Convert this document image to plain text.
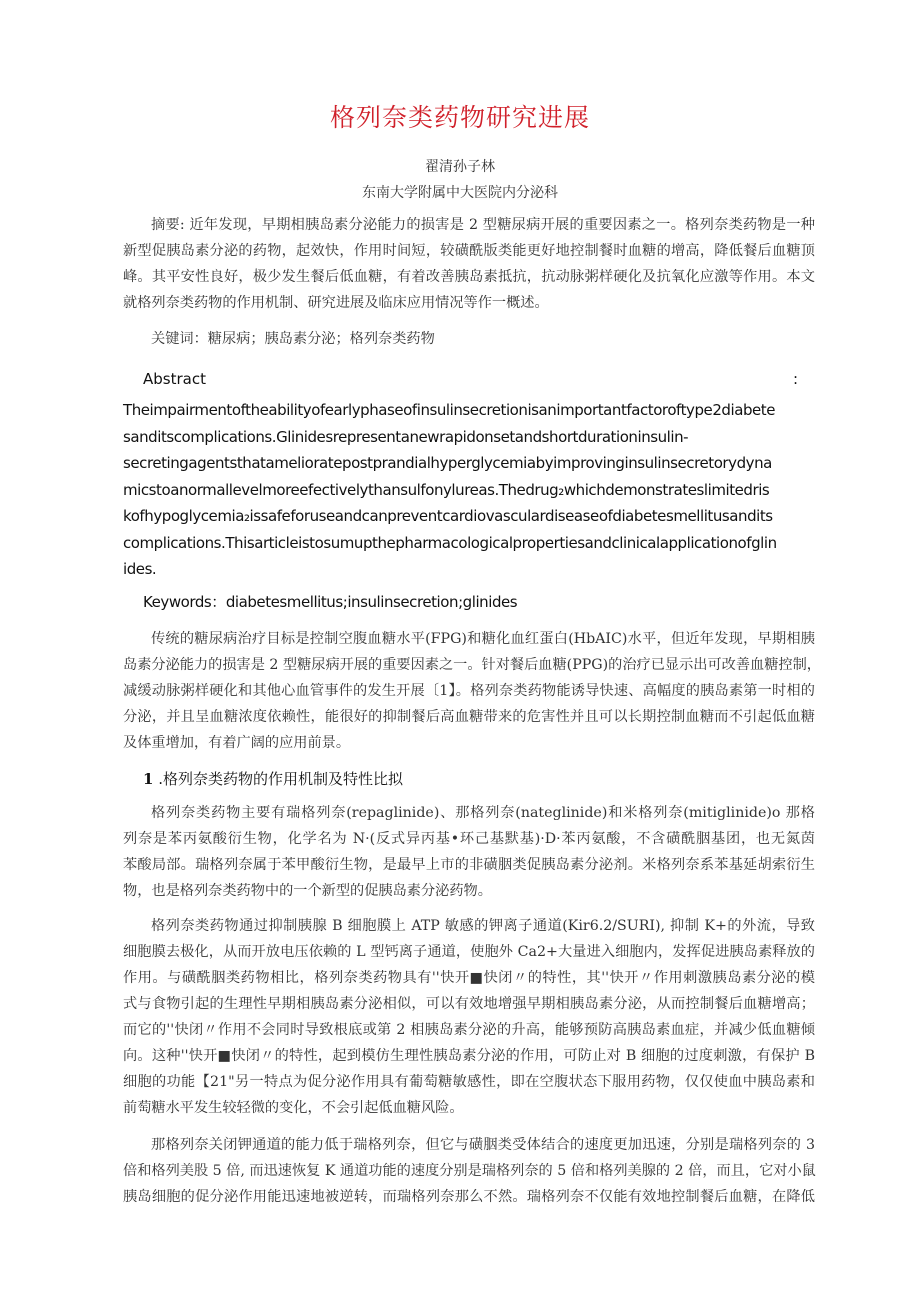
格列奈类药物研究进展
翟清孙子林
东南大学附属中大医院内分泌科
摘要: 近年发现，早期相胰岛素分泌能力的损害是 2 型糖尿病开展的重要因素之一。格列奈类药物是一种
新型促胰岛素分泌的药物，起效快，作用时间短，较磺酰版类能更好地控制餐时血糖的增高，降低餐后血糖顶
峰。其平安性良好，极少发生餐后低血糖，有着改善胰岛素抵抗，抗动脉粥样硬化及抗氧化应激等作用。本文
就格列奈类药物的作用机制、研究进展及临床应用情况等作一概述。
关键词：糖尿病；胰岛素分泌；格列奈类药物
Abstract	:
Theimpairmentoftheabilityofearlyphaseofinsulinsecretionisanimportantfactoroftype2diabete
sanditscomplications.Glinidesrepresentanewrapidonsetandshortdurationinsulin-
secretingagentsthatamelioratepostprandialhyperglycemiabyimprovinginsulinsecretorydyna
micstoanormallevelmoreefectivelythansulfonylureas.Thedrug₂whichdemonstrateslimitedris
kofhypoglycemia₂issafeforuseandcanpreventcardiovasculardiseaseofdiabetesmellitusandits
complications.Thisarticleistosumupthepharmacologicalpropertiesandclinicalapplicationofglin
ides.
Keywords：diabetesmellitus;insulinsecretion;glinides
传统的糖尿病治疗目标是控制空腹血糖水平(FPG)和糖化血红蛋白(HbAIC)水平，但近年发现，早期相胰
岛素分泌能力的损害是 2 型糖尿病开展的重要因素之一。针对餐后血糖(PPG)的治疗已显示出可改善血糖控制，
减缓动脉粥样硬化和其他心血管事件的发生开展〔1】。格列奈类药物能诱导快速、高幅度的胰岛素第一时相的
分泌，并且呈血糖浓度依赖性，能很好的抑制餐后高血糖带来的危害性并且可以长期控制血糖而不引起低血糖
及体重增加，有着广阔的应用前景。
1 .格列奈类药物的作用机制及特性比拟
格列奈类药物主要有瑞格列奈(repaglinide)、那格列奈(nateglinide)和米格列奈(mitiglinide)o 那格
列奈是苯丙氨酸衍生物，化学名为 N·(反式异丙基•环己基默基)·D·苯丙氨酸，不含磺酰胭基团，也无氮茵
苯酸局部。瑞格列奈属于苯甲酸衍生物，是最早上市的非磺胭类促胰岛素分泌剂。米格列奈系苯基延胡索衍生
物，也是格列奈类药物中的一个新型的促胰岛素分泌药物。
格列奈类药物通过抑制胰腺 B 细胞膜上 ATP 敏感的钾离子通道(Kir6.2/SURI), 抑制 K+的外流，导致
细胞膜去极化，从而开放电压依赖的 L 型钙离子通道，使胞外 Ca2+大量进入细胞内，发挥促进胰岛素释放的
作用。与磺酰胭类药物相比，格列奈类药物具有''快开■快闭〃的特性，其''快开〃作用刺激胰岛素分泌的模
式与食物引起的生理性早期相胰岛素分泌相似，可以有效地增强早期相胰岛素分泌，从而控制餐后血糖增高；
而它的''快闭〃作用不会同时导致根底或第 2 相胰岛素分泌的升高，能够预防高胰岛素血症，并减少低血糖倾
向。这种''快开■快闭〃的特性，起到模仿生理性胰岛素分泌的作用，可防止对 B 细胞的过度刺激，有保护 B
细胞的功能【21"另一特点为促分泌作用具有葡萄糖敏感性，即在空腹状态下服用药物，仅仅使血中胰岛素和
前萄糖水平发生较轻微的变化，不会引起低血糖风险。
那格列奈关闭钾通道的能力低于瑞格列奈，但它与磺胭类受体结合的速度更加迅速，分别是瑞格列奈的 3
倍和格列美股 5 倍, 而迅速恢复 K 通道功能的速度分别是瑞格列奈的 5 倍和格列美腺的 2 倍，而且，它对小鼠
胰岛细胞的促分泌作用能迅速地被逆转，而瑞格列奈那么不然。瑞格列奈不仅能有效地控制餐后血糖，在降低
